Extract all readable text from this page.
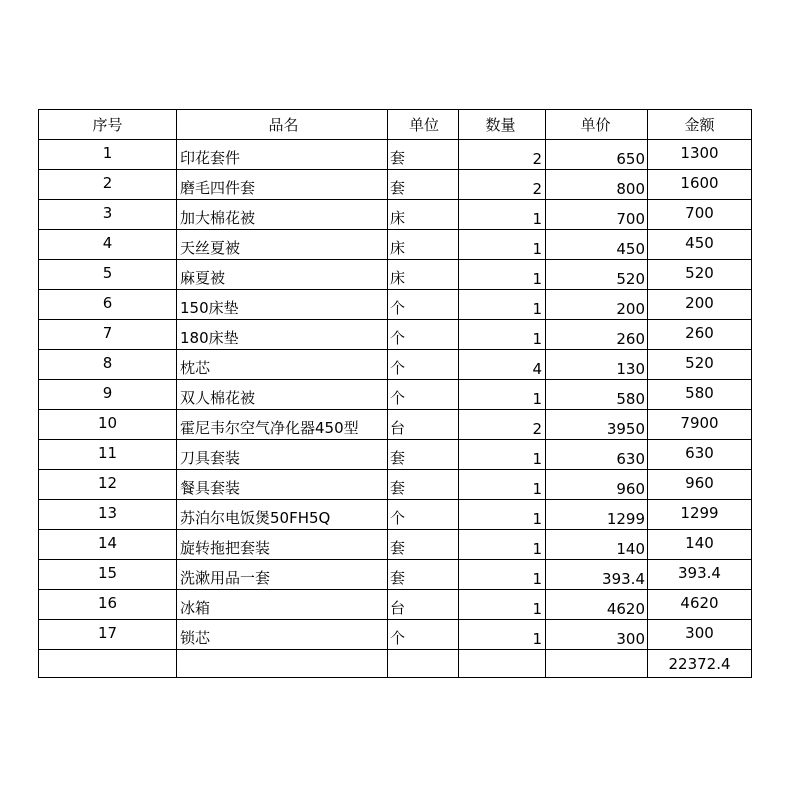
序号	品名	单位	数量	单价	金额
1	印花套件	套	2	650	1300
2	磨毛四件套	套	2	800	1600
3	加大棉花被	床	1	700	700
4	天丝夏被	床	1	450	450
5	麻夏被	床	1	520	520
6	150床垫	个	1	200	200
7	180床垫	个	1	260	260
8	枕芯	个	4	130	520
9	双人棉花被	个	1	580	580
10	霍尼韦尔空气净化器450型	台	2	3950	7900
11	刀具套装	套	1	630	630
12	餐具套装	套	1	960	960
13	苏泊尔电饭煲50FH5Q	个	1	1299	1299
14	旋转拖把套装	套	1	140	140
15	洗漱用品一套	套	1	393.4	393.4
16	冰箱	台	1	4620	4620
17	锁芯	个	1	300	300
					22372.4
